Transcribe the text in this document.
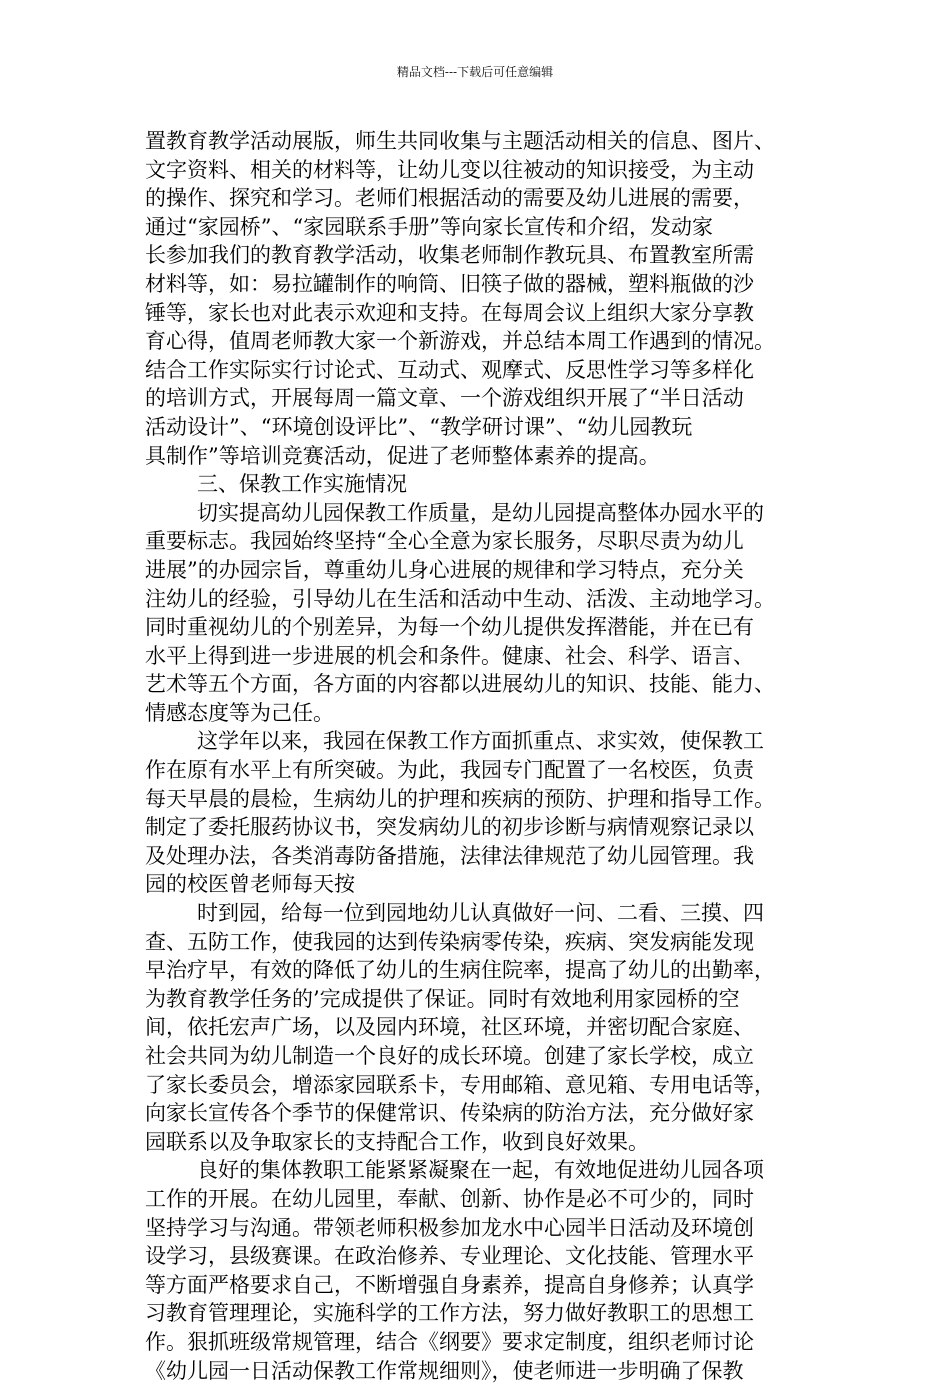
精品文档---下载后可任意编辑
置教育教学活动展版，师生共同收集与主题活动相关的信息、图片、
文字资料、相关的材料等，让幼儿变以往被动的知识接受，为主动
的操作、探究和学习。老师们根据活动的需要及幼儿进展的需要，
通过“家园桥”、“家园联系手册”等向家长宣传和介绍，发动家
长参加我们的教育教学活动，收集老师制作教玩具、布置教室所需
材料等，如：易拉罐制作的响筒、旧筷子做的器械，塑料瓶做的沙
锤等，家长也对此表示欢迎和支持。在每周会议上组织大家分享教
育心得，值周老师教大家一个新游戏，并总结本周工作遇到的情况。
结合工作实际实行讨论式、互动式、观摩式、反思性学习等多样化
的培训方式，开展每周一篇文章、一个游戏组织开展了“半日活动
活动设计”、“环境创设评比”、“教学研讨课”、“幼儿园教玩
具制作”等培训竞赛活动，促进了老师整体素养的提高。
三、保教工作实施情况
切实提高幼儿园保教工作质量，是幼儿园提高整体办园水平的
重要标志。我园始终坚持“全心全意为家长服务，尽职尽责为幼儿
进展”的办园宗旨，尊重幼儿身心进展的规律和学习特点，充分关
注幼儿的经验，引导幼儿在生活和活动中生动、活泼、主动地学习。
同时重视幼儿的个别差异，为每一个幼儿提供发挥潜能，并在已有
水平上得到进一步进展的机会和条件。健康、社会、科学、语言、
艺术等五个方面，各方面的内容都以进展幼儿的知识、技能、能力、
情感态度等为己任。
这学年以来，我园在保教工作方面抓重点、求实效，使保教工
作在原有水平上有所突破。为此，我园专门配置了一名校医，负责
每天早晨的晨检，生病幼儿的护理和疾病的预防、护理和指导工作。
制定了委托服药协议书，突发病幼儿的初步诊断与病情观察记录以
及处理办法，各类消毒防备措施，法律法律规范了幼儿园管理。我
园的校医曾老师每天按
时到园，给每一位到园地幼儿认真做好一问、二看、三摸、四
查、五防工作，使我园的达到传染病零传染，疾病、突发病能发现
早治疗早，有效的降低了幼儿的生病住院率，提高了幼儿的出勤率，
为教育教学任务的’完成提供了保证。同时有效地利用家园桥的空
间，依托宏声广场，以及园内环境，社区环境，并密切配合家庭、
社会共同为幼儿制造一个良好的成长环境。创建了家长学校，成立
了家长委员会，增添家园联系卡，专用邮箱、意见箱、专用电话等，
向家长宣传各个季节的保健常识、传染病的防治方法，充分做好家
园联系以及争取家长的支持配合工作，收到良好效果。
良好的集体教职工能紧紧凝聚在一起，有效地促进幼儿园各项
工作的开展。在幼儿园里，奉献、创新、协作是必不可少的，同时
坚持学习与沟通。带领老师积极参加龙水中心园半日活动及环境创
设学习，县级赛课。在政治修养、专业理论、文化技能、管理水平
等方面严格要求自己，不断增强自身素养，提高自身修养；认真学
习教育管理理论，实施科学的工作方法，努力做好教职工的思想工
作。狠抓班级常规管理，结合《纲要》要求定制度，组织老师讨论
《幼儿园一日活动保教工作常规细则》，使老师进一步明确了保教
